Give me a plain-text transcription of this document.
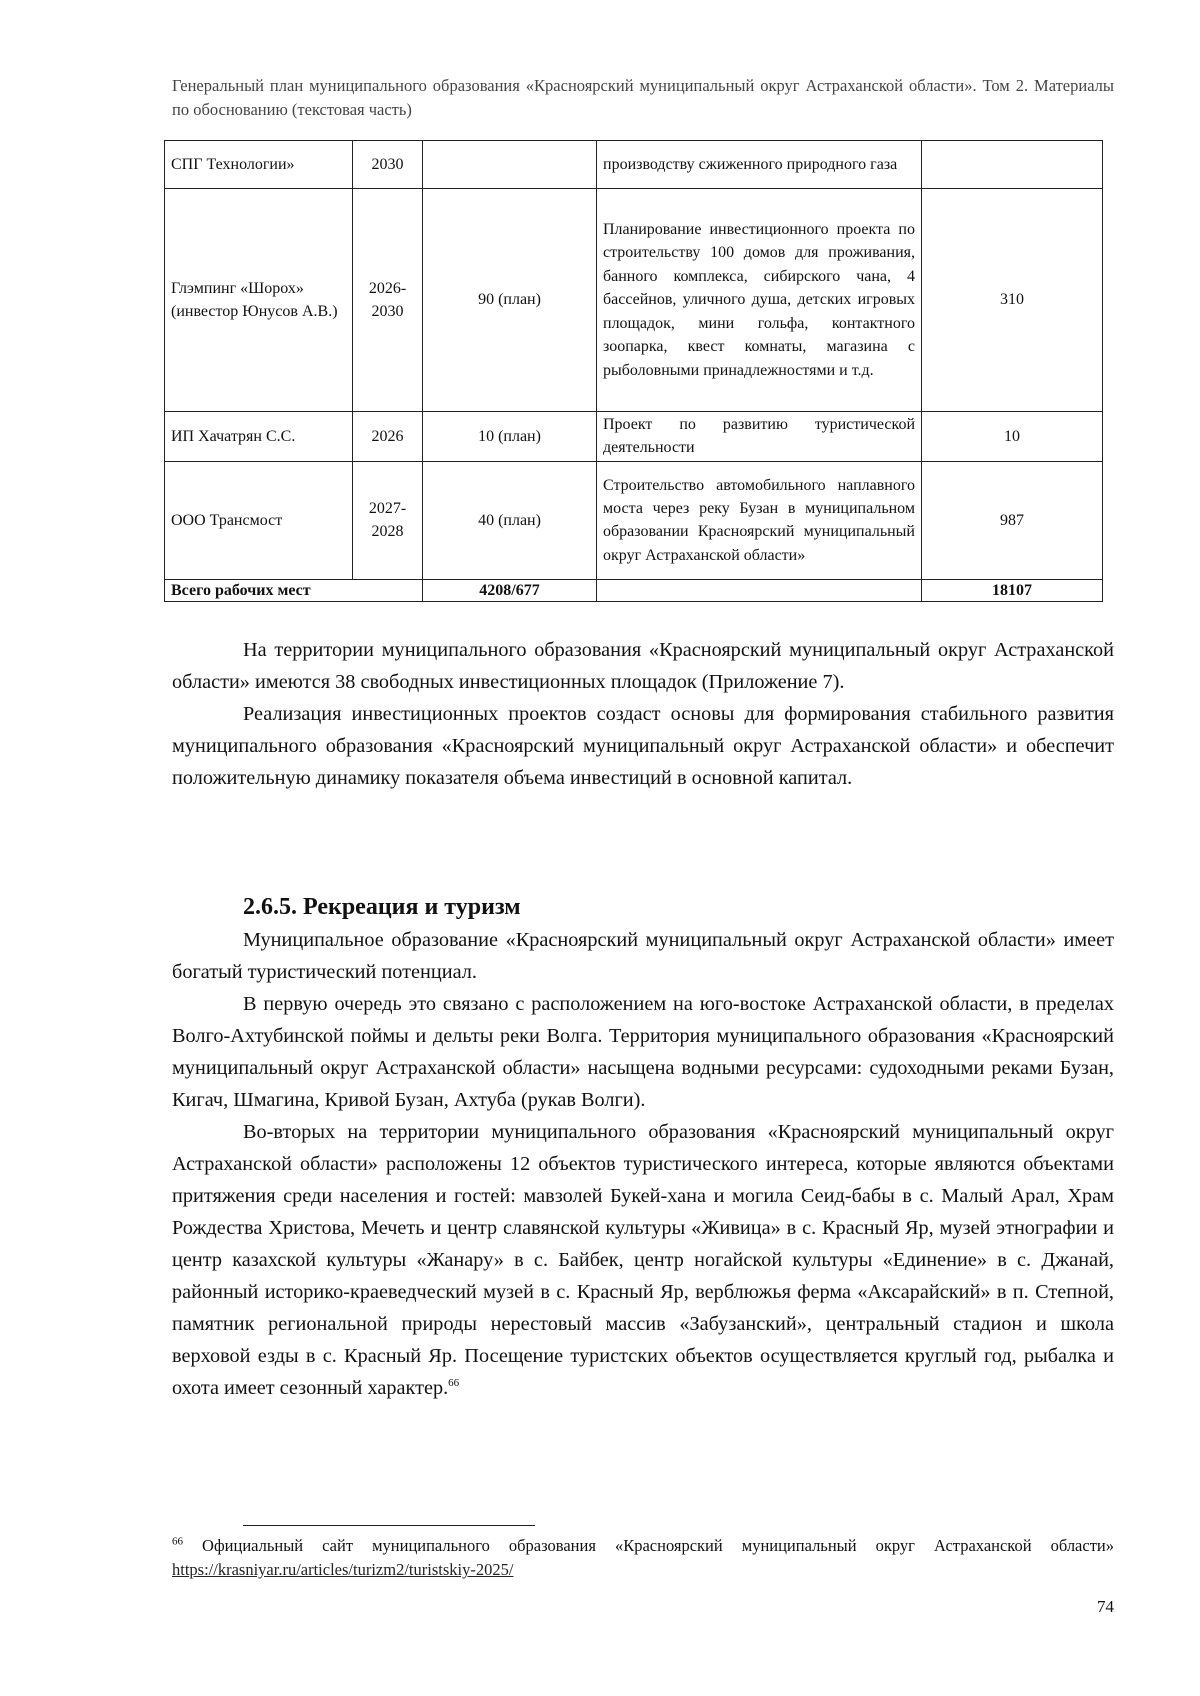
Генеральный план муниципального образования «Красноярский муниципальный округ Астраханской области». Том 2. Материалы по обоснованию (текстовая часть)
СПГ Технологии»	2030		производству сжиженного природного газа	
Глэмпинг «Шорох» (инвестор Юнусов А.В.)	2026-2030	90 (план)	Планирование инвестиционного проекта по строительству 100 домов для проживания, банного комплекса, сибирского чана, 4 бассейнов, уличного душа, детских игровых площадок, мини гольфа, контактного зоопарка, квест комнаты, магазина с рыболовными принадлежностями и т.д.	310
ИП Хачатрян С.С.	2026	10 (план)	Проект по развитию туристической деятельности	10
ООО Трансмост	2027-2028	40 (план)	Строительство автомобильного наплавного моста через реку Бузан в муниципальном образовании Красноярский муниципальный округ Астраханской области»	987
Всего рабочих мест		4208/677		18107

На территории муниципального образования «Красноярский муниципальный округ Астраханской области» имеются 38 свободных инвестиционных площадок (Приложение 7).

Реализация инвестиционных проектов создаст основы для формирования стабильного развития муниципального образования «Красноярский муниципальный округ Астраханской области» и обеспечит положительную динамику показателя объема инвестиций в основной капитал.

2.6.5. Рекреация и туризм

Муниципальное образование «Красноярский муниципальный округ Астраханской области» имеет богатый туристический потенциал.

В первую очередь это связано с расположением на юго-востоке Астраханской области, в пределах Волго-Ахтубинской поймы и дельты реки Волга. Территория муниципального образования «Красноярский муниципальный округ Астраханской области» насыщена водными ресурсами: судоходными реками Бузан, Кигач, Шмагина, Кривой Бузан, Ахтуба (рукав Волги).

Во-вторых на территории муниципального образования «Красноярский муниципальный округ Астраханской области» расположены 12 объектов туристического интереса, которые являются объектами притяжения среди населения и гостей: мавзолей Букей-хана и могила Сеид-бабы в с. Малый Арал, Храм Рождества Христова, Мечеть и центр славянской культуры «Живица» в с. Красный Яр, музей этнографии и центр казахской культуры «Жанару» в с. Байбек, центр ногайской культуры «Единение» в с. Джанай, районный историко-краеведческий музей в с. Красный Яр, верблюжья ферма «Аксарайский» в п. Степной, памятник региональной природы нерестовый массив «Забузанский», центральный стадион и школа верховой езды в с. Красный Яр. Посещение туристских объектов осуществляется круглый год, рыбалка и охота имеет сезонный характер.$^{66}$

$^{66}$ Официальный сайт муниципального образования «Красноярский муниципальный округ Астраханской области» https://krasniyar.ru/articles/turizm2/turistskiy-2025/
74
